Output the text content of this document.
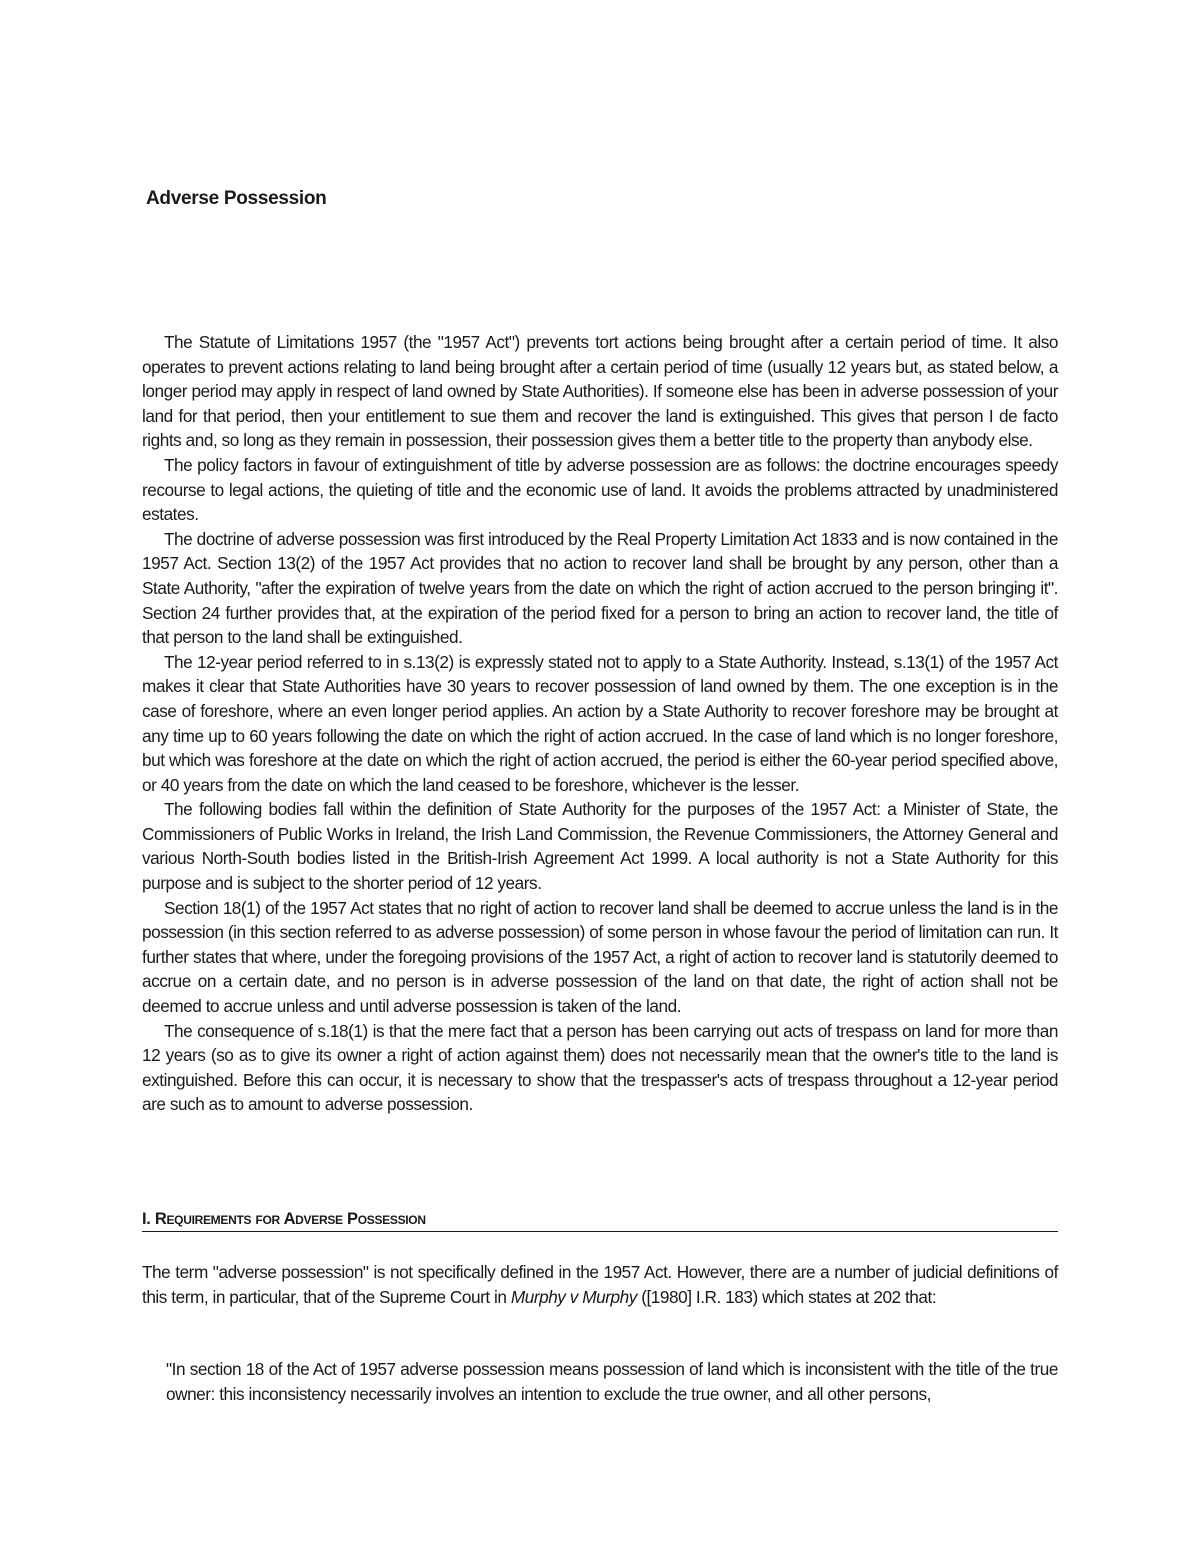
Adverse Possession

The Statute of Limitations 1957 (the "1957 Act") prevents tort actions being brought after a certain period of time. It also operates to prevent actions relating to land being brought after a certain period of time (usually 12 years but, as stated below, a longer period may apply in respect of land owned by State Authorities). If someone else has been in adverse possession of your land for that period, then your entitlement to sue them and recover the land is extinguished. This gives that person I de facto rights and, so long as they remain in possession, their possession gives them a better title to the property than anybody else.

The policy factors in favour of extinguishment of title by adverse possession are as follows: the doctrine encourages speedy recourse to legal actions, the quieting of title and the economic use of land. It avoids the problems attracted by unadministered estates.

The doctrine of adverse possession was first introduced by the Real Property Limitation Act 1833 and is now contained in the 1957 Act. Section 13(2) of the 1957 Act provides that no action to recover land shall be brought by any person, other than a State Authority, "after the expiration of twelve years from the date on which the right of action accrued to the person bringing it". Section 24 further provides that, at the expiration of the period fixed for a person to bring an action to recover land, the title of that person to the land shall be extinguished.

The 12-year period referred to in s.13(2) is expressly stated not to apply to a State Authority. Instead, s.13(1) of the 1957 Act makes it clear that State Authorities have 30 years to recover possession of land owned by them. The one exception is in the case of foreshore, where an even longer period applies. An action by a State Authority to recover foreshore may be brought at any time up to 60 years following the date on which the right of action accrued. In the case of land which is no longer foreshore, but which was foreshore at the date on which the right of action accrued, the period is either the 60-year period specified above, or 40 years from the date on which the land ceased to be foreshore, whichever is the lesser.

The following bodies fall within the definition of State Authority for the purposes of the 1957 Act: a Minister of State, the Commissioners of Public Works in Ireland, the Irish Land Commission, the Revenue Commissioners, the Attorney General and various North-South bodies listed in the British-Irish Agreement Act 1999. A local authority is not a State Authority for this purpose and is subject to the shorter period of 12 years.

Section 18(1) of the 1957 Act states that no right of action to recover land shall be deemed to accrue unless the land is in the possession (in this section referred to as adverse possession) of some person in whose favour the period of limitation can run. It further states that where, under the foregoing provisions of the 1957 Act, a right of action to recover land is statutorily deemed to accrue on a certain date, and no person is in adverse possession of the land on that date, the right of action shall not be deemed to accrue unless and until adverse possession is taken of the land.

The consequence of s.18(1) is that the mere fact that a person has been carrying out acts of trespass on land for more than 12 years (so as to give its owner a right of action against them) does not necessarily mean that the owner's title to the land is extinguished. Before this can occur, it is necessary to show that the trespasser's acts of trespass throughout a 12-year period are such as to amount to adverse possession.

I. Requirements for Adverse Possession

The term "adverse possession" is not specifically defined in the 1957 Act. However, there are a number of judicial definitions of this term, in particular, that of the Supreme Court in Murphy v Murphy ([1980] I.R. 183) which states at 202 that:

"In section 18 of the Act of 1957 adverse possession means possession of land which is inconsistent with the title of the true owner: this inconsistency necessarily involves an intention to exclude the true owner, and all other persons,
